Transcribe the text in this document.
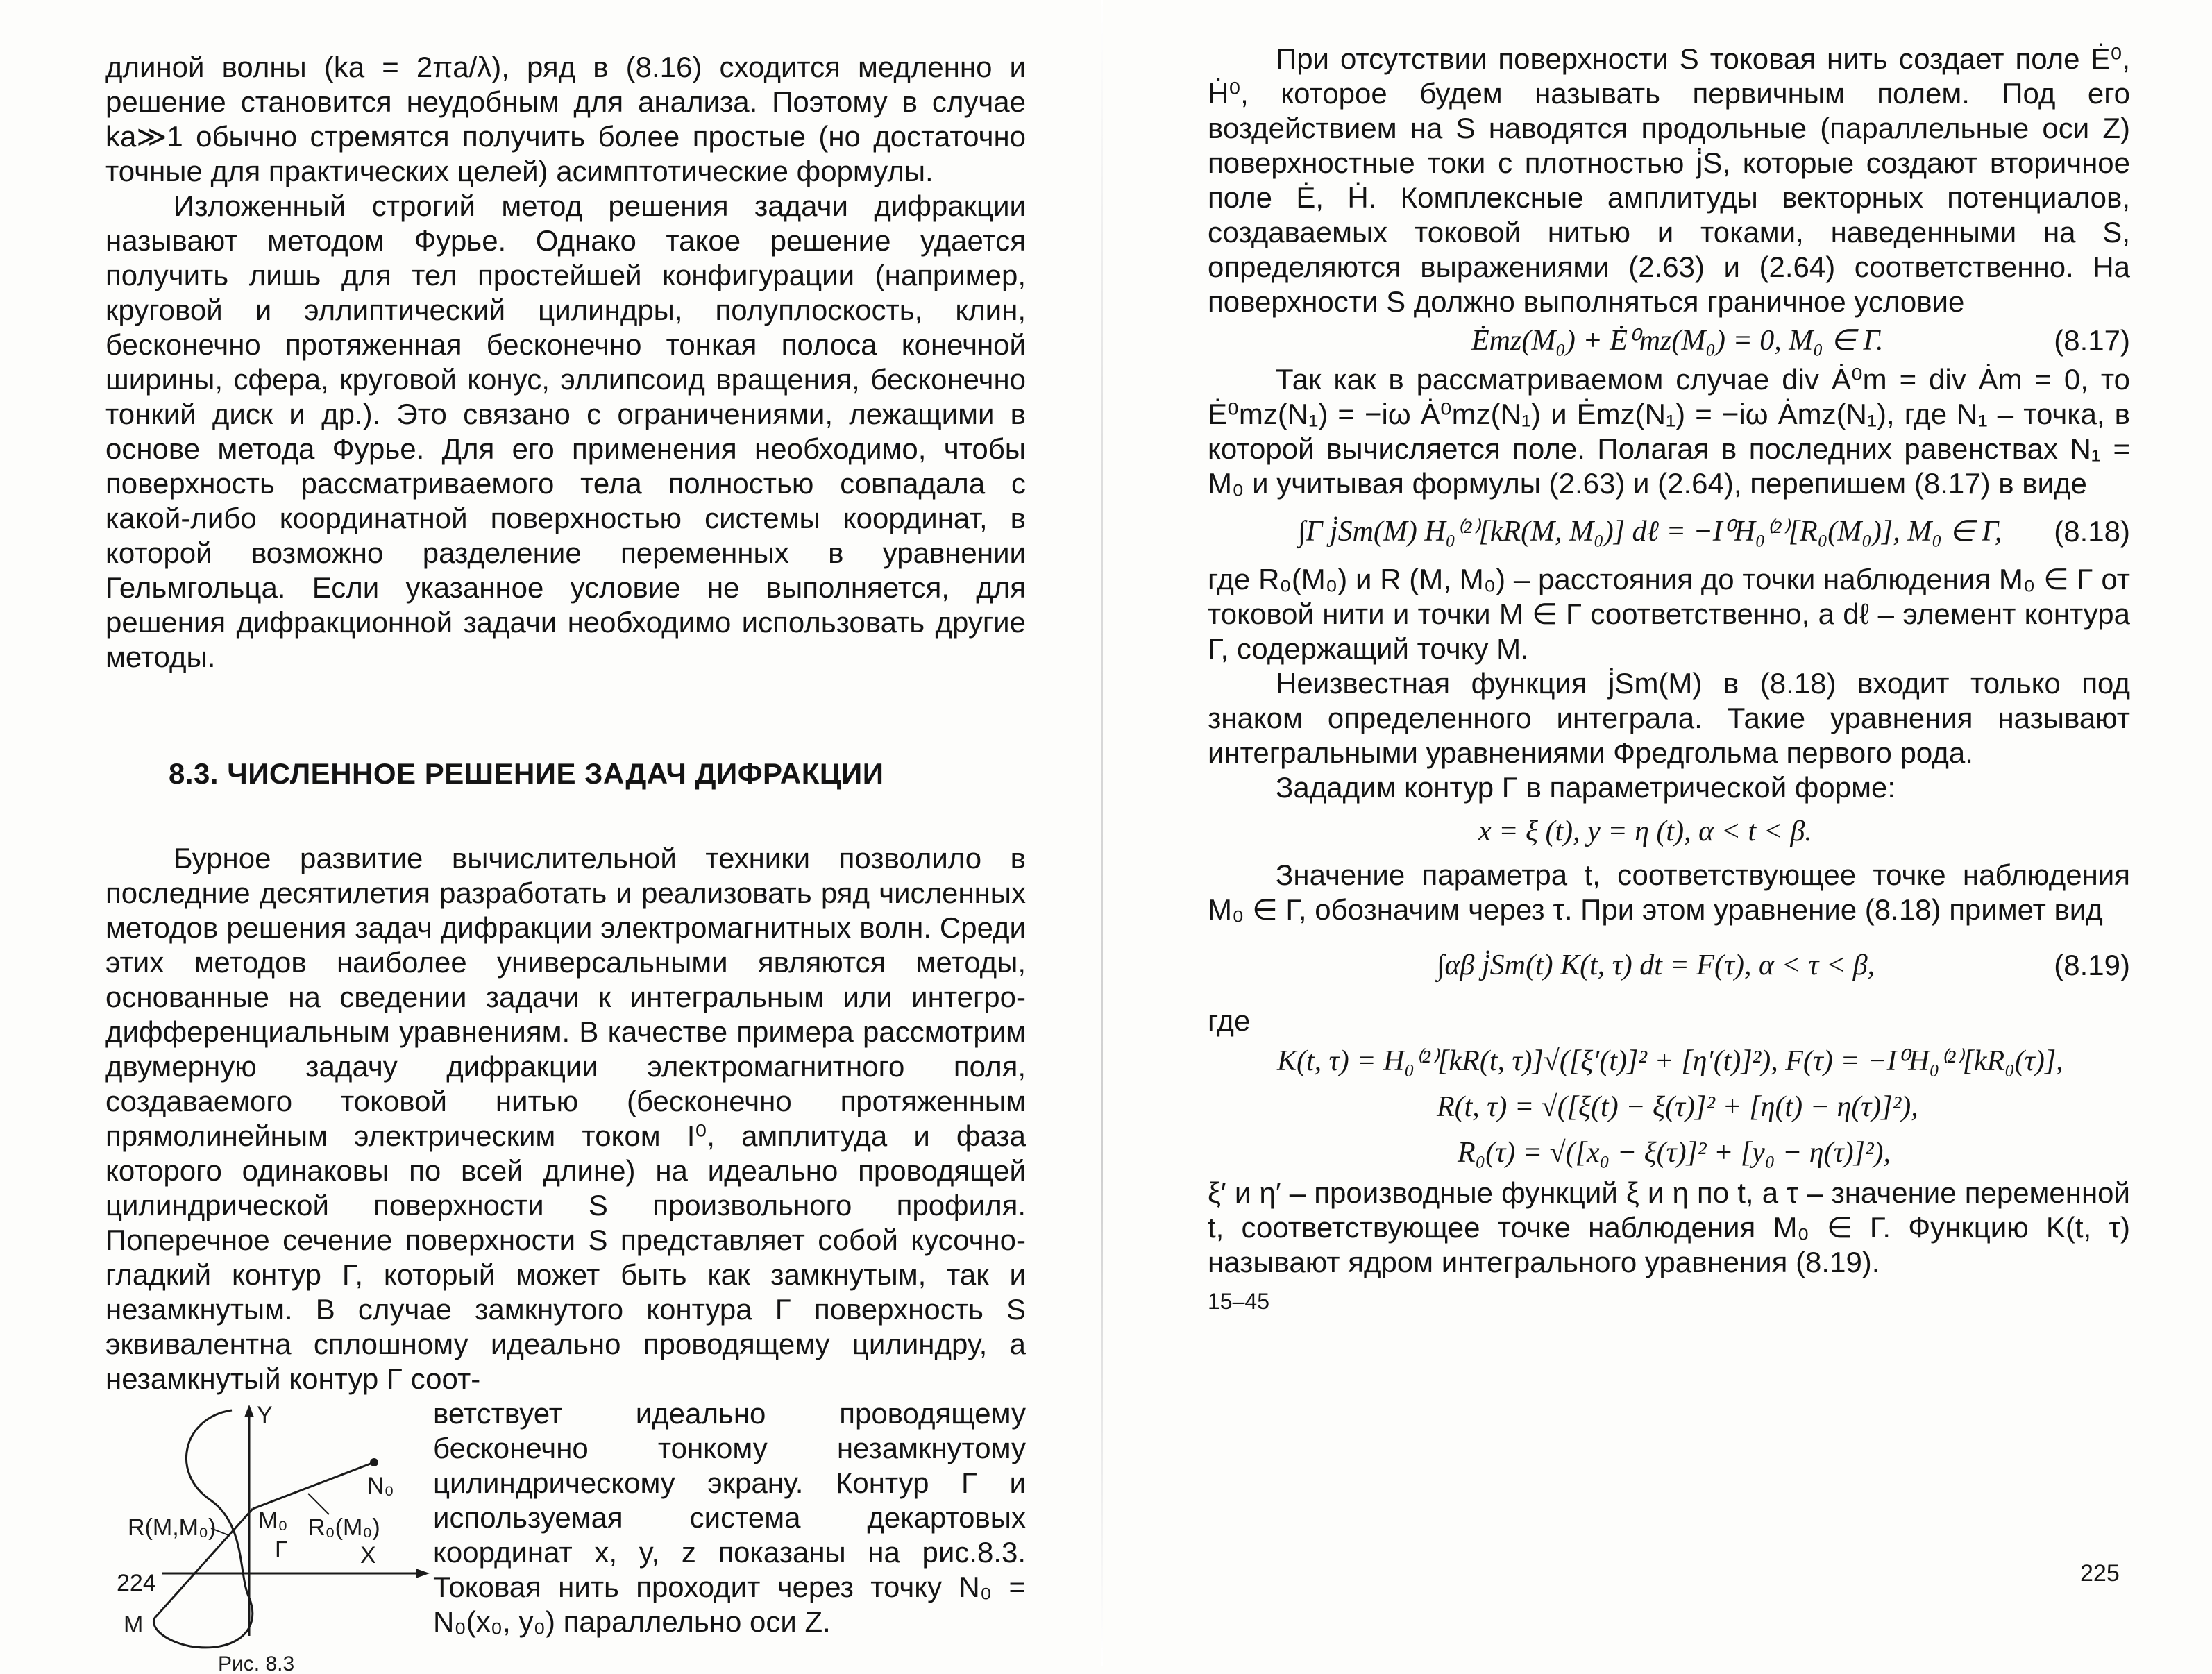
длиной волны (ka = 2πa/λ), ряд в (8.16) сходится медленно и решение становится неудобным для анализа. Поэтому в случае ka≫1 обычно стремятся получить более простые (но достаточно точные для практических целей) асимптотические формулы.

Изложенный строгий метод решения задачи дифракции называют методом Фурье. Однако такое решение удается получить лишь для тел простейшей конфигурации (например, круговой и эллиптический цилиндры, полуплоскость, клин, бесконечно протяженная бесконечно тонкая полоса конечной ширины, сфера, круговой конус, эллипсоид вращения, бесконечно тонкий диск и др.). Это связано с ограничениями, лежащими в основе метода Фурье. Для его применения необходимо, чтобы поверхность рассматриваемого тела полностью совпадала с какой-либо координатной поверхностью системы координат, в которой возможно разделение переменных в уравнении Гельмгольца. Если указанное условие не выполняется, для решения дифракционной задачи необходимо использовать другие методы.

8.3. ЧИСЛЕННОЕ РЕШЕНИЕ ЗАДАЧ ДИФРАКЦИИ

Бурное развитие вычислительной техники позволило в последние десятилетия разработать и реализовать ряд численных методов решения задач дифракции электромагнитных волн. Среди этих методов наиболее универсальными являются методы, основанные на сведении задачи к интегральным или интегро-дифференциальным уравнениям. В качестве примера рассмотрим двумерную задачу дифракции электромагнитного поля, создаваемого токовой нитью (бесконечно протяженным прямолинейным электрическим током I⁰, амплитуда и фаза которого одинаковы по всей длине) на идеально проводящей цилиндрической поверхности S произвольного профиля. Поперечное сечение поверхности S представляет собой кусочно-гладкий контур Γ, который может быть как замкнутым, так и незамкнутым. В случае замкнутого контура Γ поверхность S эквивалентна сплошному идеально проводящему цилиндру, а незамкнутый контур Γ соот-

Y
X
N₀
M₀ R₀(M₀)
R(M,M₀)
Γ
M
Рис. 8.3
ветствует идеально проводящему бесконечно тонкому незамкнутому цилиндрическому экрану. Контур Γ и используемая система декартовых координат x, y, z показаны на рис.8.3. Токовая нить проходит через точку N₀ = N₀(x₀, y₀) параллельно оси Z.
224

При отсутствии поверхности S токовая нить создает поле Ė⁰, Ḣ⁰, которое будем называть первичным полем. Под его воздействием на S наводятся продольные (параллельные оси Z) поверхностные токи с плотностью j̇S, которые создают вторичное поле Ė, Ḣ. Комплексные амплитуды векторных потенциалов, создаваемых токовой нитью и токами, наведенными на S, определяются выражениями (2.63) и (2.64) соответственно. На поверхности S должно выполняться граничное условие

Ėmz(M₀) + Ė⁰mz(M₀) = 0, M₀ ∈ Γ.	(8.17)

Так как в рассматриваемом случае div Ȧ⁰m = div Ȧm = 0, то Ė⁰mz(N₁) = −iω Ȧ⁰mz(N₁) и Ėmz(N₁) = −iω Ȧmz(N₁), где N₁ – точка, в которой вычисляется поле. Полагая в последних равенствах N₁ = M₀ и учитывая формулы (2.63) и (2.64), перепишем (8.17) в виде

∫Γ j̇Sm(M) H₀⁽²⁾[kR(M, M₀)] dℓ = −I⁰H₀⁽²⁾[R₀(M₀)], M₀ ∈ Γ, (8.18)

где R₀(M₀) и R (M, M₀) – расстояния до точки наблюдения M₀ ∈ Γ от токовой нити и точки M ∈ Γ соответственно, а dℓ – элемент контура Γ, содержащий точку M.

Неизвестная функция j̇Sm(M) в (8.18) входит только под знаком определенного интеграла. Такие уравнения называют интегральными уравнениями Фредгольма первого рода.

Зададим контур Γ в параметрической форме:

x = ξ (t), y = η (t), α < t < β.

Значение параметра t, соответствующее точке наблюдения M₀ ∈ Γ, обозначим через τ. При этом уравнение (8.18) примет вид

∫αβ j̇Sm(t) K(t, τ) dt = F(τ), α < τ < β,	(8.19)

где

K(t, τ) = H₀⁽²⁾[kR(t, τ)]√([ξ′(t)]² + [η′(t)]²), F(τ) = −I⁰H₀⁽²⁾[kR₀(τ)],
R(t, τ) = √([ξ(t) − ξ(τ)]² + [η(t) − η(τ)]²),
R₀(τ) = √([x₀ − ξ(τ)]² + [y₀ − η(τ)]²),

ξ′ и η′ – производные функций ξ и η по t, а τ – значение переменной t, соответствующее точке наблюдения M₀ ∈ Γ. Функцию K(t, τ) называют ядром интегрального уравнения (8.19).

15–45
225
